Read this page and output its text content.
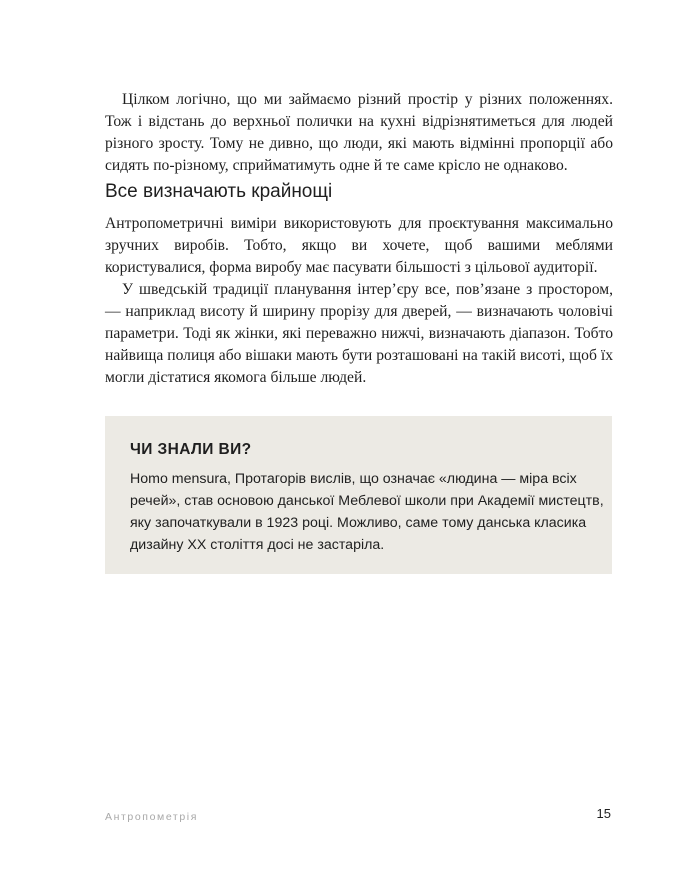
Цілком логічно, що ми займаємо різний простір у різних положеннях. Тож і відстань до верхньої полички на кухні відрізнятиметься для людей різного зросту. Тому не дивно, що люди, які мають відмінні пропорції або сидять по-різному, сприйматимуть одне й те саме крісло не однаково.

Все визначають крайнощі

Антропометричні виміри використовують для проєктування максимально зручних виробів. Тобто, якщо ви хочете, щоб вашими меблями користувалися, форма виробу має пасувати більшості з цільової аудиторії.

У шведській традиції планування інтер’єру все, пов’язане з простором, — наприклад висоту й ширину прорізу для дверей, — визначають чоловічі параметри. Тоді як жінки, які переважно нижчі, визначають діапазон. Тобто найвища полиця або вішаки мають бути розташовані на такій висоті, щоб їх могли дістатися якомога більше людей.

ЧИ ЗНАЛИ ВИ?

Homo mensura, Протагорів вислів, що означає «людина — міра всіх
речей», став основою данської Меблевої школи при Академії мистецтв,
яку започаткували в 1923 році. Можливо, саме тому данська класика
дизайну XX століття досі не застаріла.

Антропометрія	15
